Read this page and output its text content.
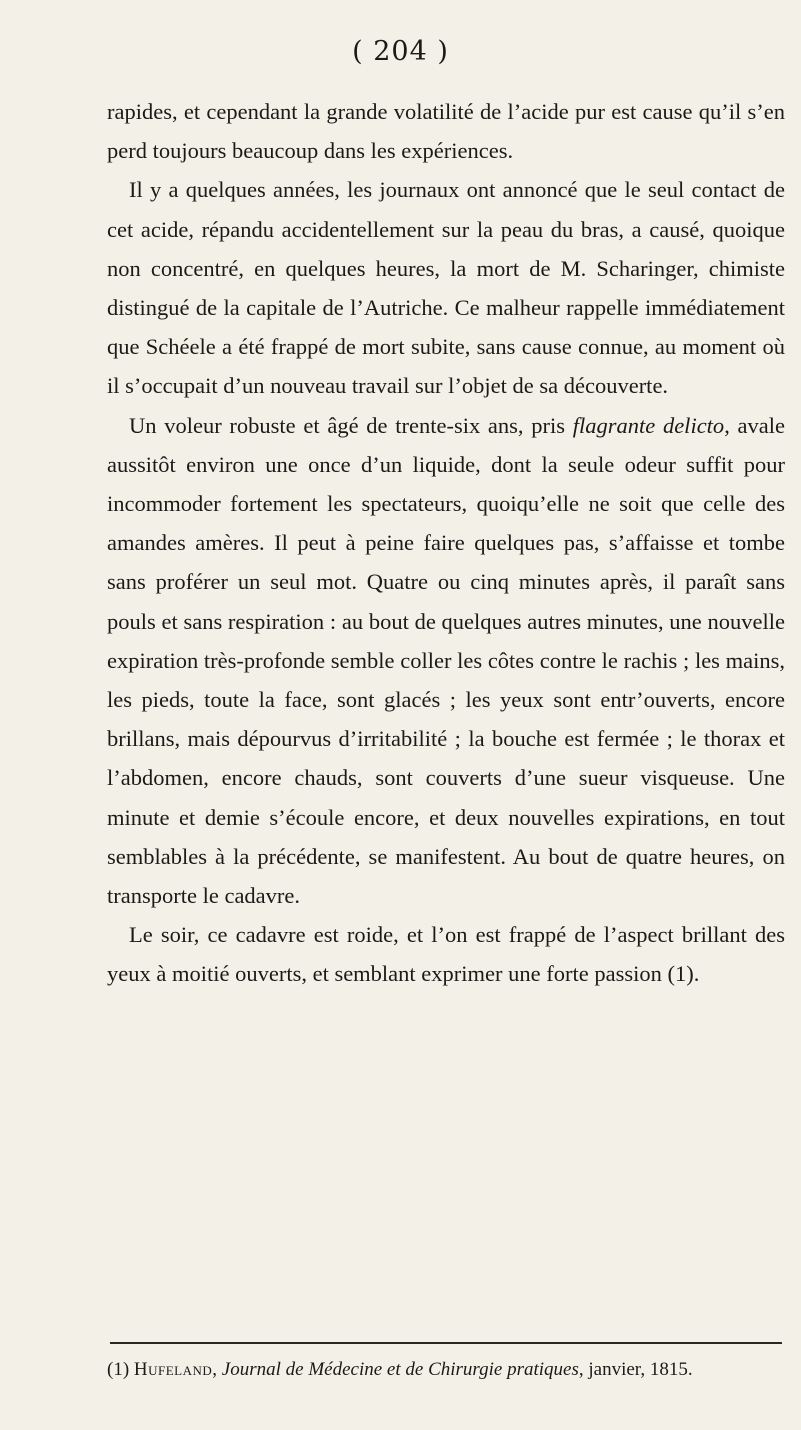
( 204 )

rapides, et cependant la grande volatilité de l’acide pur est cause qu’il s’en perd toujours beaucoup dans les expériences.

Il y a quelques années, les journaux ont annoncé que le seul contact de cet acide, répandu accidentellement sur la peau du bras, a causé, quoique non concentré, en quelques heures, la mort de M. Scharinger, chimiste distingué de la capitale de l’Autriche. Ce malheur rappelle immédiatement que Schéele a été frappé de mort subite, sans cause connue, au moment où il s’occupait d’un nouveau travail sur l’objet de sa découverte.

Un voleur robuste et âgé de trente-six ans, pris flagrante delicto, avale aussitôt environ une once d’un liquide, dont la seule odeur suffit pour incommoder fortement les spectateurs, quoiqu’elle ne soit que celle des amandes amères. Il peut à peine faire quelques pas, s’affaisse et tombe sans proférer un seul mot. Quatre ou cinq minutes après, il paraît sans pouls et sans respiration : au bout de quelques autres minutes, une nouvelle expiration très-profonde semble coller les côtes contre le rachis ; les mains, les pieds, toute la face, sont glacés ; les yeux sont entr’ouverts, encore brillans, mais dépourvus d’irritabilité ; la bouche est fermée ; le thorax et l’abdomen, encore chauds, sont couverts d’une sueur visqueuse. Une minute et demie s’écoule encore, et deux nouvelles expirations, en tout semblables à la précédente, se manifestent. Au bout de quatre heures, on transporte le cadavre.

Le soir, ce cadavre est roide, et l’on est frappé de l’aspect brillant des yeux à moitié ouverts, et semblant exprimer une forte passion (1).

(1) Hufeland, Journal de Médecine et de Chirurgie pratiques, janvier, 1815.
